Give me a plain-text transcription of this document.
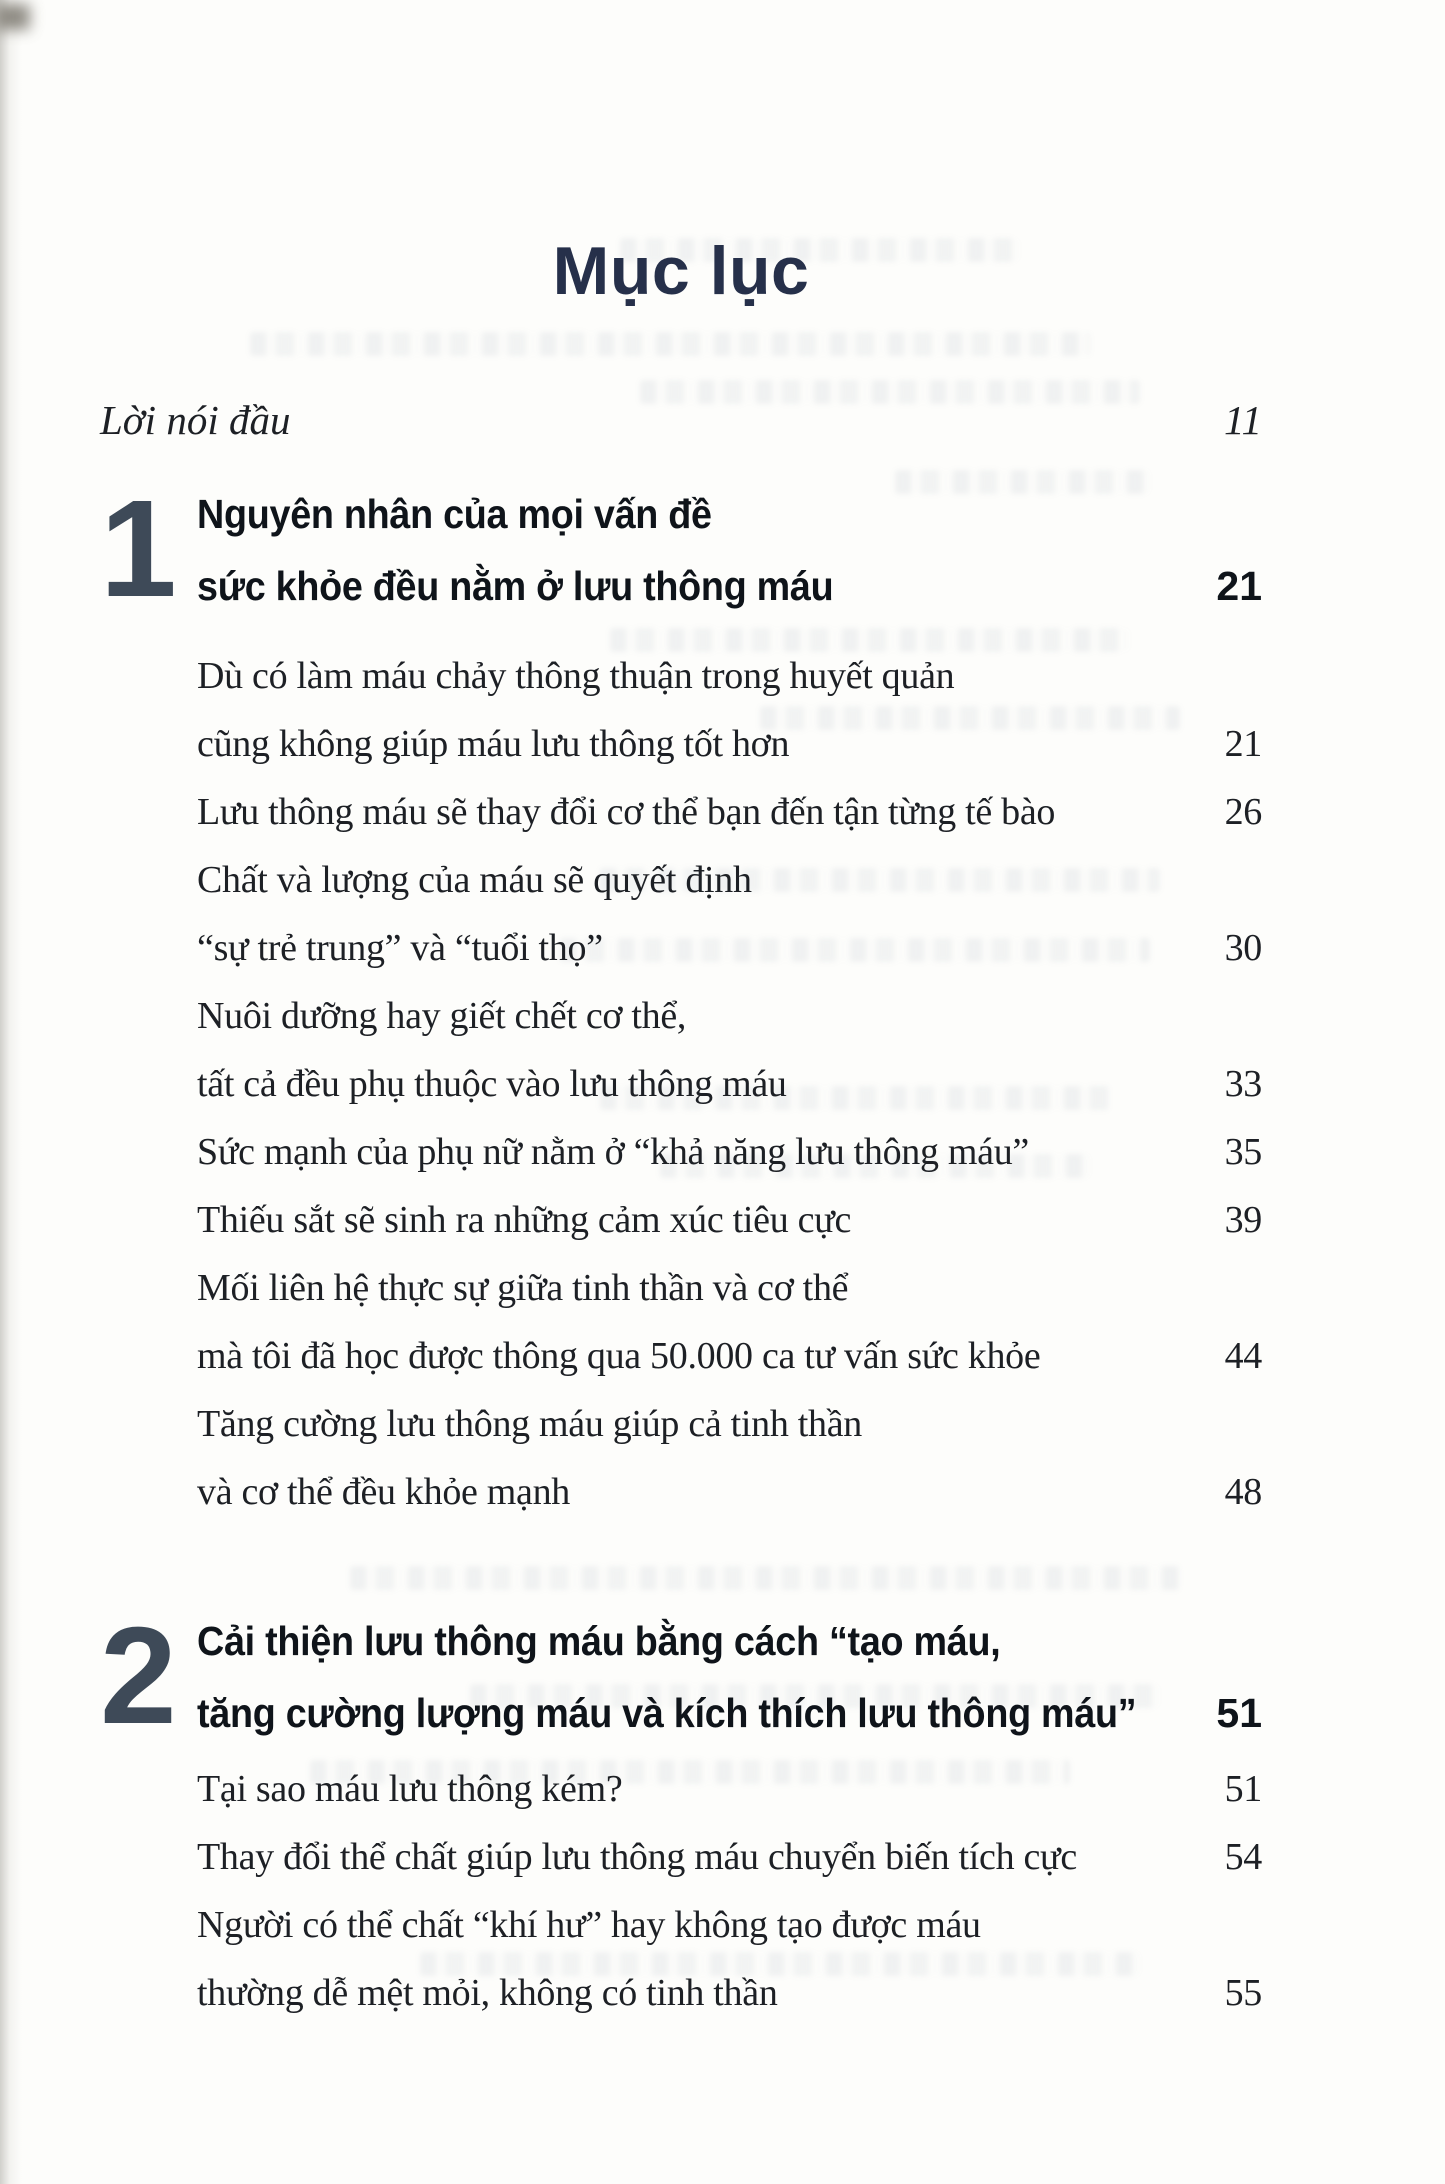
Mục lục
Lời nói đầu	11
1 Nguyên nhân của mọi vấn đề
sức khỏe đều nằm ở lưu thông máu	21
Dù có làm máu chảy thông thuận trong huyết quản
cũng không giúp máu lưu thông tốt hơn	21
Lưu thông máu sẽ thay đổi cơ thể bạn đến tận từng tế bào	26
Chất và lượng của máu sẽ quyết định
“sự trẻ trung” và “tuổi thọ”	30
Nuôi dưỡng hay giết chết cơ thể,
tất cả đều phụ thuộc vào lưu thông máu	33
Sức mạnh của phụ nữ nằm ở “khả năng lưu thông máu”	35
Thiếu sắt sẽ sinh ra những cảm xúc tiêu cực	39
Mối liên hệ thực sự giữa tinh thần và cơ thể
mà tôi đã học được thông qua 50.000 ca tư vấn sức khỏe	44
Tăng cường lưu thông máu giúp cả tinh thần
và cơ thể đều khỏe mạnh	48
2 Cải thiện lưu thông máu bằng cách “tạo máu,
tăng cường lượng máu và kích thích lưu thông máu”	51
Tại sao máu lưu thông kém?	51
Thay đổi thể chất giúp lưu thông máu chuyển biến tích cực	54
Người có thể chất “khí hư” hay không tạo được máu
thường dễ mệt mỏi, không có tinh thần	55
